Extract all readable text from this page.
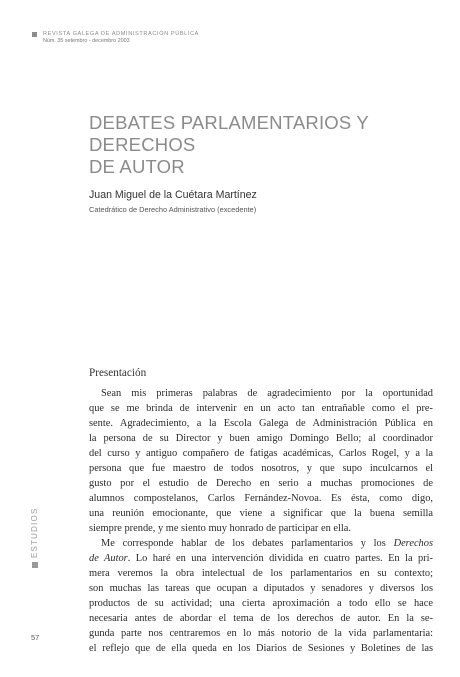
REVISTA GALEGA DE ADMINISTRACIÓN PÚBLICA
Núm. 35 setembro - decembro 2003
DEBATES PARLAMENTARIOS Y DERECHOS
DE AUTOR
Juan Miguel de la Cuétara Martínez
Catedrático de Derecho Administrativo (excedente)
Presentación
Sean mis primeras palabras de agradecimiento por la oportunidad
que se me brinda de intervenir en un acto tan entrañable como el pre-
sente. Agradecimiento, a la Escola Galega de Administración Pública en
la persona de su Director y buen amigo Domingo Bello; al coordinador
del curso y antiguo compañero de fatigas académicas, Carlos Rogel, y a la
persona que fue maestro de todos nosotros, y que supo inculcarnos el
gusto por el estudio de Derecho en serio a muchas promociones de
alumnos compostelanos, Carlos Fernández-Novoa. Es ésta, como digo,
una reunión emocionante, que viene a significar que la buena semilla
siempre prende, y me siento muy honrado de participar en ella.
Me corresponde hablar de los debates parlamentarios y los Derechos
de Autor. Lo haré en una intervención dividida en cuatro partes. En la pri-
mera veremos la obra intelectual de los parlamentarios en su contexto;
son muchas las tareas que ocupan a diputados y senadores y diversos los
productos de su actividad; una cierta aproximación a todo ello se hace
necesaria antes de abordar el tema de los derechos de autor. En la se-
gunda parte nos centraremos en lo más notorio de la vida parlamentaria:
el reflejo que de ella queda en los Diarios de Sesiones y Boletines de las
ESTUDIOS
57
